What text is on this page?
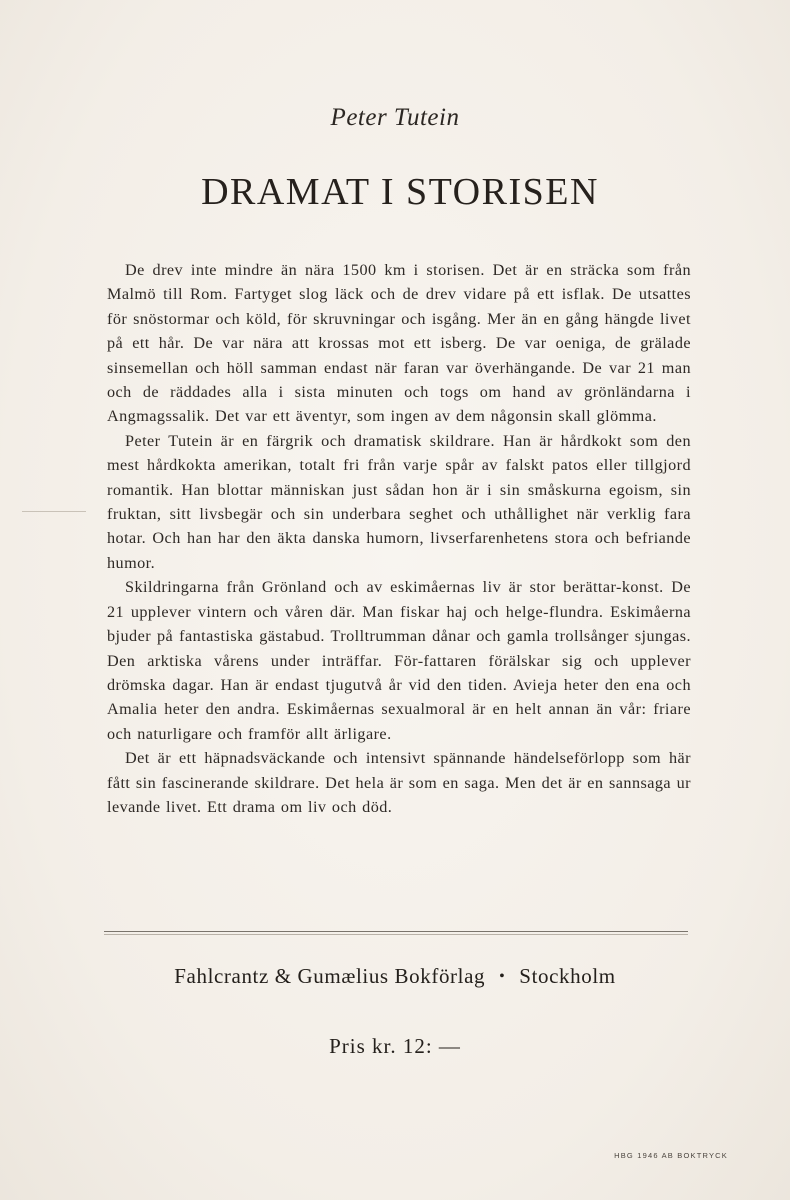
Peter Tutein
DRAMAT I STORISEN

De drev inte mindre än nära 1500 km i storisen. Det är en sträcka som från Malmö till Rom. Fartyget slog läck och de drev vidare på ett isflak. De utsattes för snöstormar och köld, för skruvningar och isgång. Mer än en gång hängde livet på ett hår. De var nära att krossas mot ett isberg. De var oeniga, de grälade sinsemellan och höll samman endast när faran var överhängande. De var 21 man och de räddades alla i sista minuten och togs om hand av grönländarna i Angmagssalik. Det var ett äventyr, som ingen av dem någonsin skall glömma.

Peter Tutein är en färgrik och dramatisk skildrare. Han är hårdkokt som den mest hårdkokta amerikan, totalt fri från varje spår av falskt patos eller tillgjord romantik. Han blottar människan just sådan hon är i sin småskurna egoism, sin fruktan, sitt livsbegär och sin underbara seghet och uthållighet när verklig fara hotar. Och han har den äkta danska humorn, livserfarenhetens stora och befriande humor.

Skildringarna från Grönland och av eskimåernas liv är stor berättar-konst. De 21 upplever vintern och våren där. Man fiskar haj och helge-flundra. Eskimåerna bjuder på fantastiska gästabud. Trolltrumman dånar och gamla trollsånger sjungas. Den arktiska vårens under inträffar. För-fattaren förälskar sig och upplever drömska dagar. Han är endast tjugutvå år vid den tiden. Avieja heter den ena och Amalia heter den andra. Eskimåernas sexualmoral är en helt annan än vår: friare och naturligare och framför allt ärligare.

Det är ett häpnadsväckande och intensivt spännande händelseförlopp som här fått sin fascinerande skildrare. Det hela är som en saga. Men det är en sannsaga ur levande livet. Ett drama om liv och död.

Fahlcrantz & Gumælius Bokförlag • Stockholm
Pris kr. 12: —
HBG 1946 AB BOKTRYCK
